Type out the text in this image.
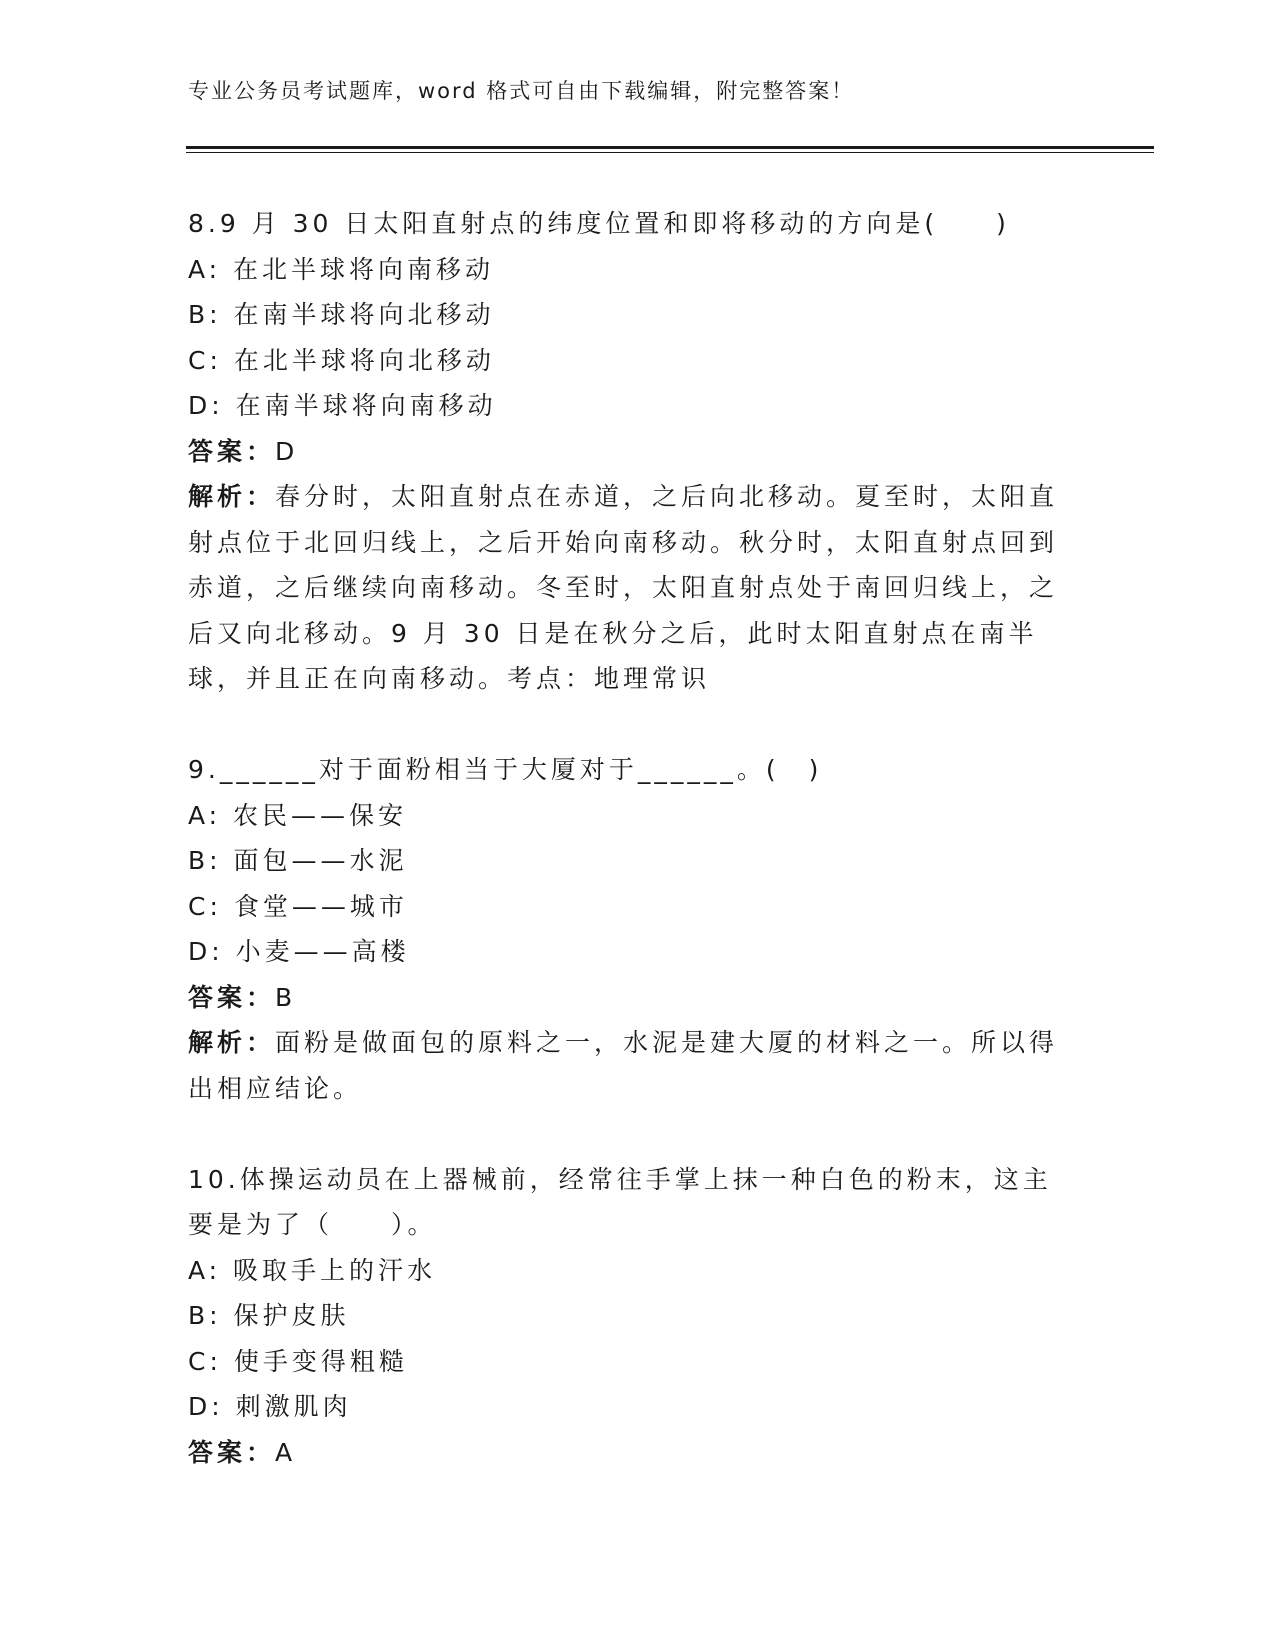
专业公务员考试题库，word 格式可自由下载编辑，附完整答案！
8.9 月 30 日太阳直射点的纬度位置和即将移动的方向是(　　)
A: 在北半球将向南移动
B: 在南半球将向北移动
C: 在北半球将向北移动
D: 在南半球将向南移动
答案：D
解析：春分时，太阳直射点在赤道，之后向北移动。夏至时，太阳直射点位于北回归线上，之后开始向南移动。秋分时，太阳直射点回到赤道，之后继续向南移动。冬至时，太阳直射点处于南回归线上，之后又向北移动。9 月 30 日是在秋分之后，此时太阳直射点在南半球，并且正在向南移动。考点：地理常识
9.______对于面粉相当于大厦对于______。(　)
A: 农民——保安
B: 面包——水泥
C: 食堂——城市
D: 小麦——高楼
答案：B
解析：面粉是做面包的原料之一，水泥是建大厦的材料之一。所以得出相应结论。
10.体操运动员在上器械前，经常往手掌上抹一种白色的粉末，这主要是为了（　　）。
A: 吸取手上的汗水
B: 保护皮肤
C: 使手变得粗糙
D: 刺激肌肉
答案：A
